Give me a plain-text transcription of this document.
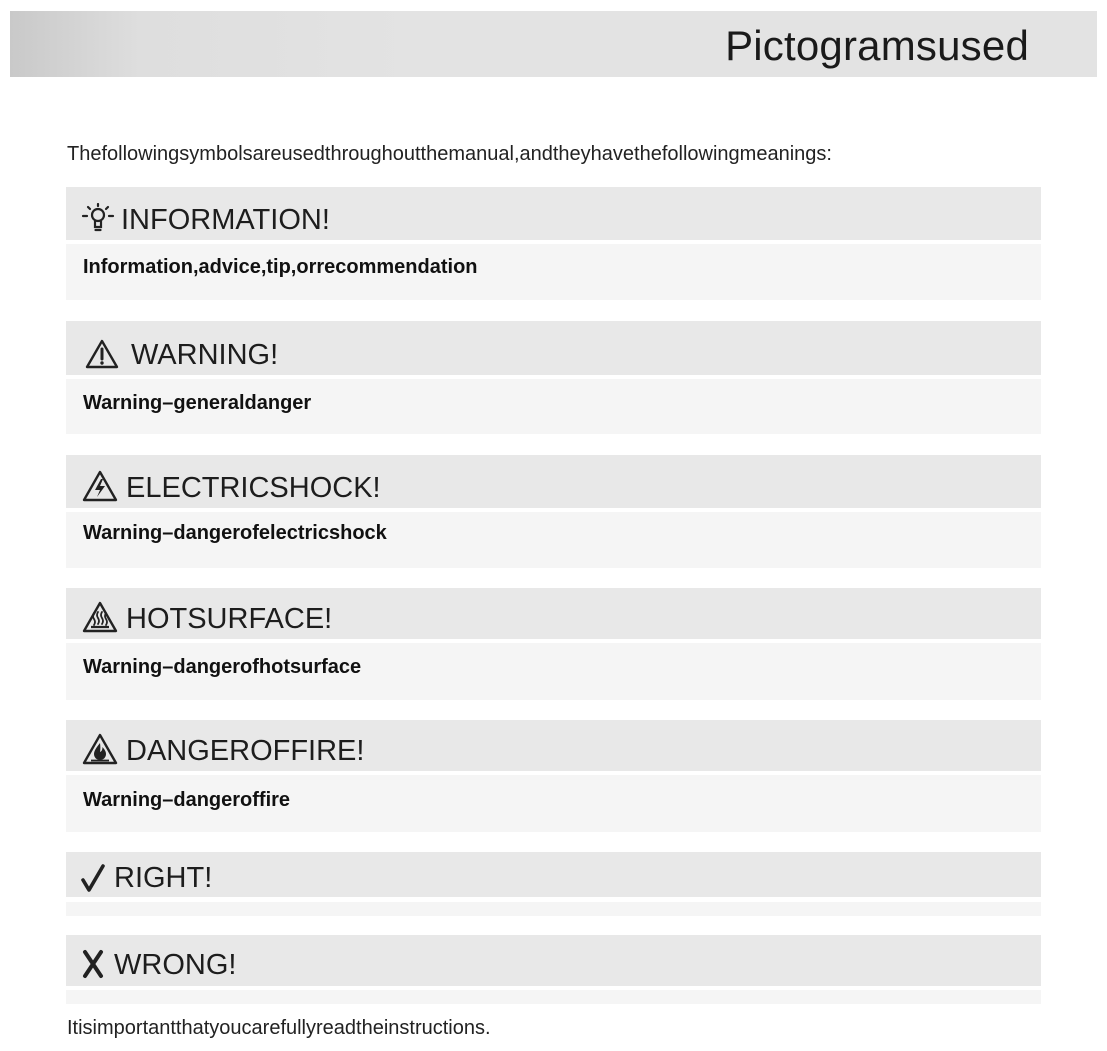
Pictogramsused
Thefollowingsymbolsareusedthroughoutthemanual,andtheyhavethefollowingmeanings:
INFORMATION!
Information,advice,tip,orrecommendation
WARNING!
Warning–generaldanger
ELECTRICSHOCK!
Warning–dangerofelectricshock
HOTSURFACE!
Warning–dangerofhotsurface
DANGEROFFIRE!
Warning–dangeroffire
RIGHT!
WRONG!
Itisimportantthatyoucarefullyreadtheinstructions.
